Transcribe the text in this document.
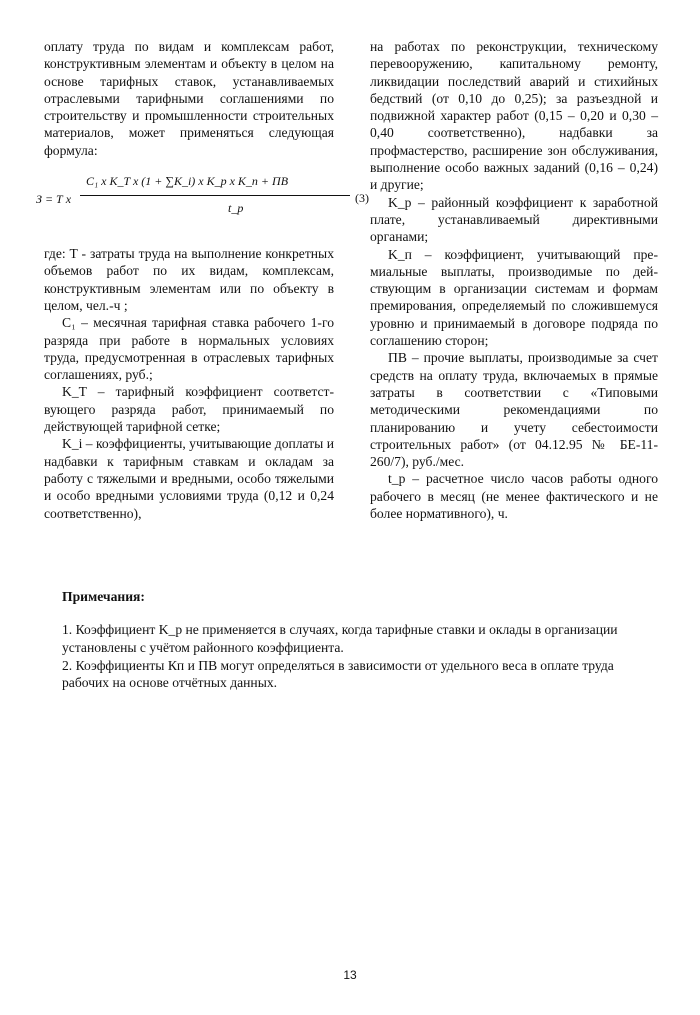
оплату труда по видам и комплексам работ, конструктивным элементам и объекту в целом на основе тарифных ставок, устанавливаемых отраслевыми тарифными соглашениями по строительству и промышленности строительных материалов, может применяться следующая формула:

З = Т х
C₁ x K_T x (1 + ∑K_i) x K_p x K_п + ПВ
t_p
(3)

где: T - затраты труда на выполнение конкретных объемов работ по их видам, комплексам, конструктивным элементам или по объекту в целом, чел.-ч ;

C₁ – месячная тарифная ставка рабочего 1-го разряда при работе в нормальных условиях труда, предусмотренная в отраслевых тарифных соглашениях, руб.;

K_T – тарифный коэффициент соответствующего разряда работ, принимаемый по действующей тарифной сетке;

K_i – коэффициенты, учитывающие доплаты и надбавки к тарифным ставкам и окладам за работу с тяжелыми и вредными, особо тяжелыми и особо вредными условиями труда (0,12 и 0,24 соответственно),

на работах по реконструкции, техническому перевооружению, капитальному ремонту, ликвидации последствий аварий и стихийных бедствий (от 0,10 до 0,25); за разъездной и подвижной характер работ (0,15 – 0,20 и 0,30 – 0,40 соответственно), надбавки за профмастерство, расширение зон обслуживания, выполнение особо важных заданий (0,16 – 0,24) и другие;

K_р – районный коэффициент к заработной плате, устанавливаемый директивными органами;

K_п – коэффициент, учитывающий премиальные выплаты, производимые по действующим в организации системам и формам премирования, определяемый по сложившемуся уровню и принимаемый в договоре подряда по соглашению сторон;

ПВ – прочие выплаты, производимые за счет средств на оплату труда, включаемых в прямые затраты в соответствии с «Типовыми методическими рекомендациями по планированию и учету себестоимости строительных работ» (от 04.12.95 № БЕ-11-260/7), руб./мес.

t_р – расчетное число часов работы одного рабочего в месяц (не менее фактического и не более нормативного), ч.

Примечания:

1. Коэффициент K_р не применяется в случаях, когда тарифные ставки и оклады в организации установлены с учётом районного коэффициента.

2. Коэффициенты Кп и ПВ могут определяться в зависимости от удельного веса в оплате труда рабочих на основе отчётных данных.

13
